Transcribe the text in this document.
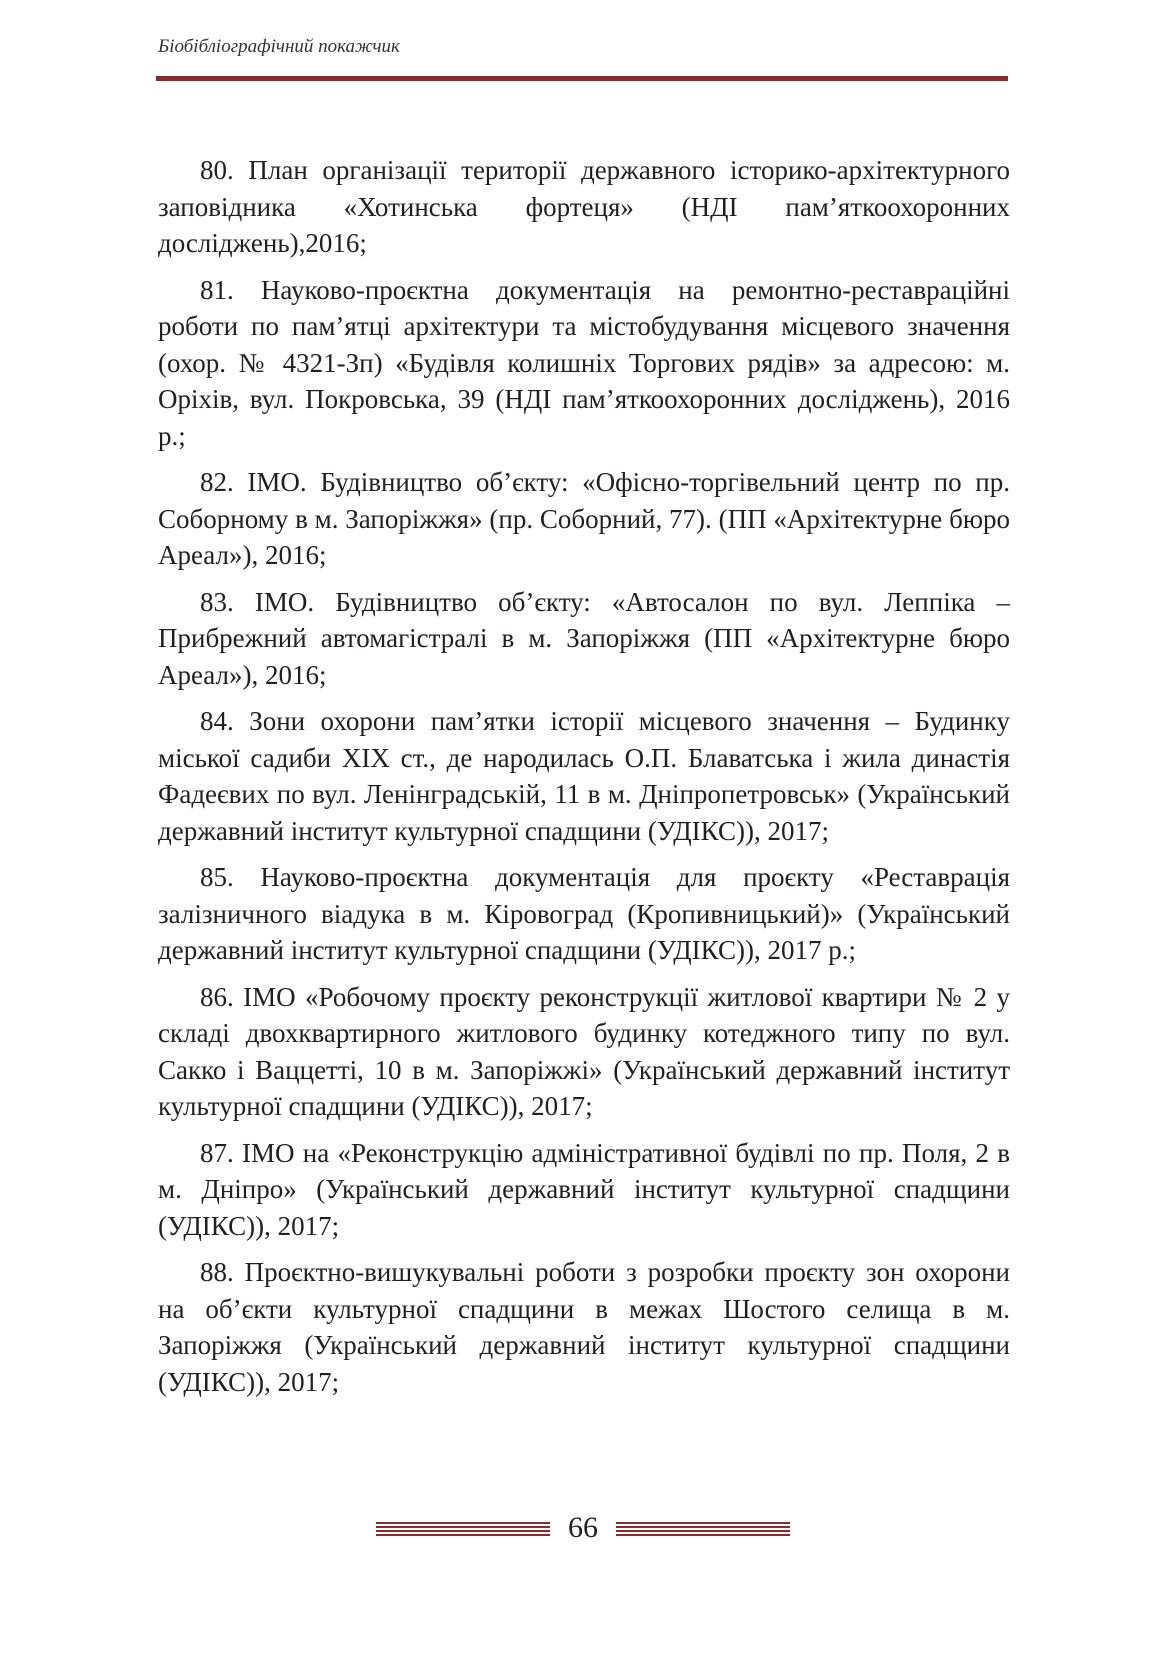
Біобібліографічний покажчик

80. План організації території державного історико-архітектурного заповідника «Хотинська фортеця» (НДІ пам’яткоохоронних досліджень),2016;

81. Науково-проєктна документація на ремонтно-реставраційні роботи по пам’ятці архітектури та містобудування місцевого значення (охор. № 4321-Зп) «Будівля колишніх Торгових рядів» за адресою: м. Оріхів, вул. Покровська, 39 (НДІ пам’яткоохоронних досліджень), 2016 р.;

82. ІМО. Будівництво об’єкту: «Офісно-торгівельний центр по пр. Соборному в м. Запоріжжя» (пр. Соборний, 77). (ПП «Архітектурне бюро Ареал»), 2016;

83. ІМО. Будівництво об’єкту: «Автосалон по вул. Леппіка – Прибрежний автомагістралі в м. Запоріжжя (ПП «Архітектурне бюро Ареал»), 2016;

84. Зони охорони пам’ятки історії місцевого значення – Будинку міської садиби ХІХ ст., де народилась О.П. Блаватська і жила династія Фадеєвих по вул. Ленінградській, 11 в м. Дніпропетровськ» (Український державний інститут культурної спадщини (УДІКС)), 2017;

85. Науково-проєктна документація для проєкту «Реставрація залізничного віадука в м. Кіровоград (Кропивницький)» (Український державний інститут культурної спадщини (УДІКС)), 2017 р.;

86. ІМО «Робочому проєкту реконструкції житлової квартири № 2 у складі двохквартирного житлового будинку котеджного типу по вул. Сакко і Ваццетті, 10 в м. Запоріжжі» (Український державний інститут культурної спадщини (УДІКС)), 2017;

87. ІМО на «Реконструкцію адміністративної будівлі по пр. Поля, 2 в м. Дніпро» (Український державний інститут культурної спадщини (УДІКС)), 2017;

88. Проєктно-вишукувальні роботи з розробки проєкту зон охорони на об’єкти культурної спадщини в межах Шостого селища в м. Запоріжжя (Український державний інститут культурної спадщини (УДІКС)), 2017;

66
